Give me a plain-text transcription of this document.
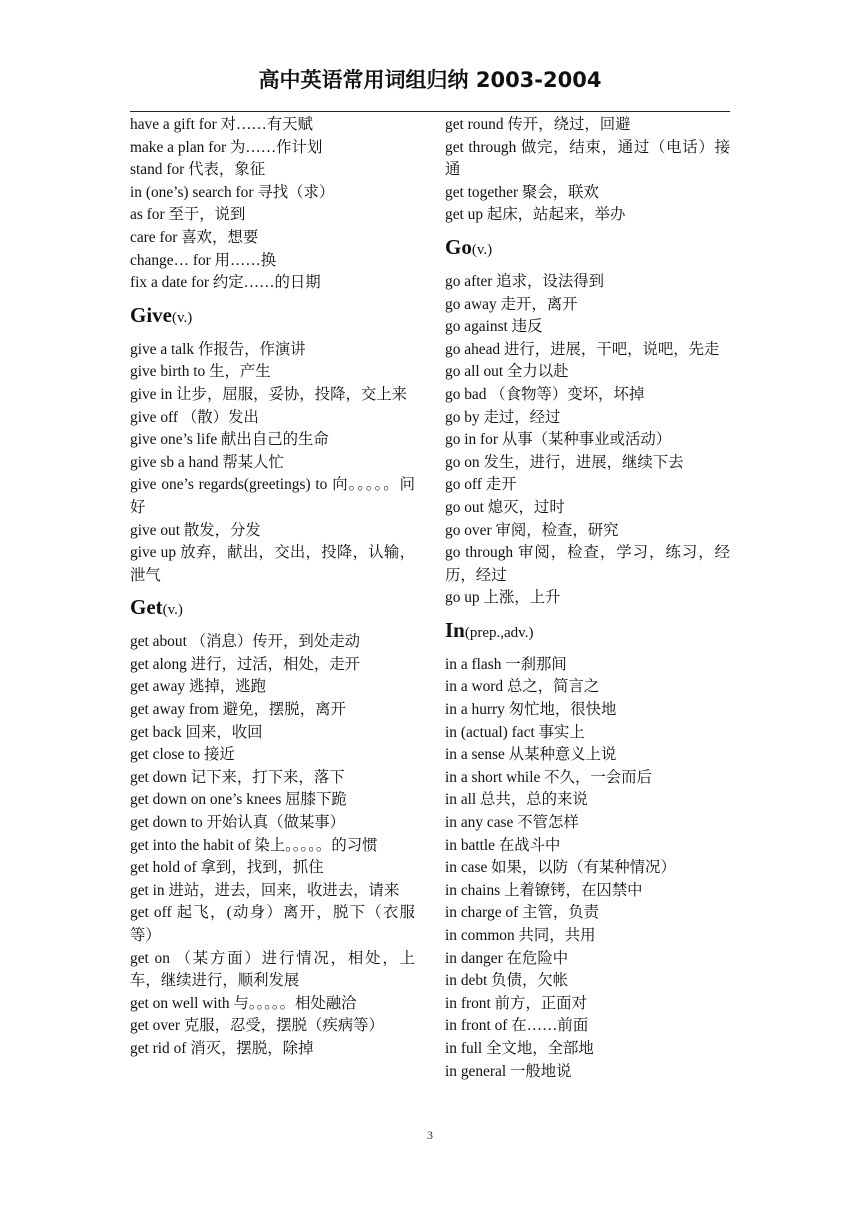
高中英语常用词组归纳 2003-2004
have a gift for 对……有天赋
make a plan for 为……作计划
stand for 代表，象征
in (one’s) search for 寻找（求）
as for 至于，说到
care for 喜欢，想要
change… for 用……换
fix a date for 约定……的日期
Give(v.)
give a talk 作报告，作演讲
give birth to 生，产生
give in 让步，屈服，妥协，投降，交上来
give off （散）发出
give one’s life 献出自己的生命
give sb a hand 帮某人忙
give one’s regards(greetings) to 向。。。。。问好
give out 散发，分发
give up 放弃，献出，交出，投降，认输，泄气
Get(v.)
get about （消息）传开，到处走动
get along 进行，过活，相处，走开
get away 逃掉，逃跑
get away from 避免，摆脱，离开
get back 回来，收回
get close to 接近
get down 记下来，打下来，落下
get down on one’s knees 屈膝下跪
get down to 开始认真（做某事）
get into the habit of 染上。。。。。的习惯
get hold of 拿到，找到，抓住
get in 进站，进去，回来，收进去，请来
get off 起飞，(动身）离开，脱下（衣服等）
get on （某方面）进行情况，相处，上车，继续进行，顺利发展
get on well with 与。。。。。相处融洽
get over 克服，忍受，摆脱（疾病等）
get rid of 消灭，摆脱，除掉
get round 传开，绕过，回避
get through 做完，结束，通过（电话）接通
get together 聚会，联欢
get up 起床，站起来，举办
Go(v.)
go after 追求，设法得到
go away 走开，离开
go against 违反
go ahead 进行，进展，干吧，说吧，先走
go all out 全力以赴
go bad （食物等）变坏，坏掉
go by 走过，经过
go in for 从事（某种事业或活动）
go on 发生，进行，进展，继续下去
go off 走开
go out 熄灭，过时
go over 审阅，检查，研究
go through 审阅，检查，学习，练习，经历，经过
go up 上涨，上升
In(prep.,adv.)
in a flash 一刹那间
in a word 总之，简言之
in a hurry 匆忙地，很快地
in (actual) fact 事实上
in a sense 从某种意义上说
in a short while 不久，一会而后
in all 总共，总的来说
in any case 不管怎样
in battle 在战斗中
in case 如果，以防（有某种情况）
in chains 上着镣铐，在囚禁中
in charge of 主管，负责
in common 共同，共用
in danger 在危险中
in debt 负债，欠帐
in front 前方，正面对
in front of 在……前面
in full 全文地，全部地
in general 一般地说
3
